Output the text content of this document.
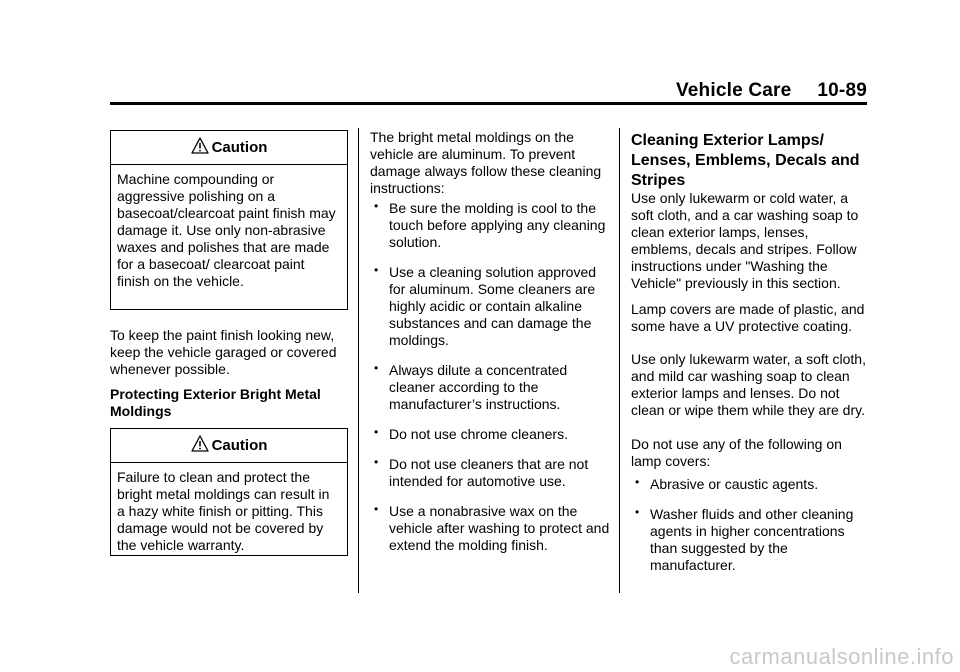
Vehicle Care 10-89
Caution
Machine compounding or aggressive polishing on a basecoat/clearcoat paint finish may damage it. Use only non-abrasive waxes and polishes that are made for a basecoat/ clearcoat paint finish on the vehicle.

To keep the paint finish looking new, keep the vehicle garaged or covered whenever possible.

Protecting Exterior Bright Metal Moldings

Caution
Failure to clean and protect the bright metal moldings can result in a hazy white finish or pitting. This damage would not be covered by the vehicle warranty.

The bright metal moldings on the vehicle are aluminum. To prevent damage always follow these cleaning instructions:

• Be sure the molding is cool to the touch before applying any cleaning solution.
• Use a cleaning solution approved for aluminum. Some cleaners are highly acidic or contain alkaline substances and can damage the moldings.
• Always dilute a concentrated cleaner according to the manufacturer’s instructions.
• Do not use chrome cleaners.
• Do not use cleaners that are not intended for automotive use.
• Use a nonabrasive wax on the vehicle after washing to protect and extend the molding finish.
Cleaning Exterior Lamps/ Lenses, Emblems, Decals and Stripes

Use only lukewarm or cold water, a soft cloth, and a car washing soap to clean exterior lamps, lenses, emblems, decals and stripes. Follow instructions under "Washing the Vehicle" previously in this section.

Lamp covers are made of plastic, and some have a UV protective coating.

Use only lukewarm water, a soft cloth, and mild car washing soap to clean exterior lamps and lenses. Do not clean or wipe them while they are dry.

Do not use any of the following on lamp covers:

• Abrasive or caustic agents.
• Washer fluids and other cleaning agents in higher concentrations than suggested by the manufacturer.
carmanualsonline.info
